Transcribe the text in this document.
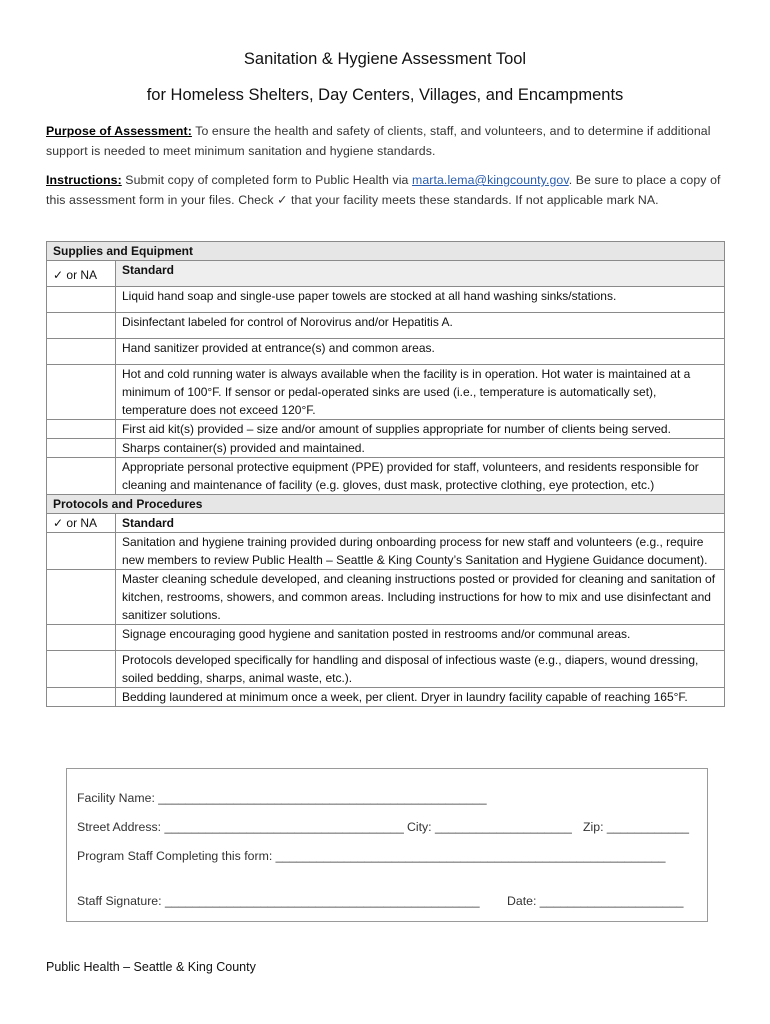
Sanitation & Hygiene Assessment Tool
for Homeless Shelters, Day Centers, Villages, and Encampments
Purpose of Assessment: To ensure the health and safety of clients, staff, and volunteers, and to determine if additional support is needed to meet minimum sanitation and hygiene standards.
Instructions: Submit copy of completed form to Public Health via marta.lema@kingcounty.gov. Be sure to place a copy of this assessment form in your files. Check ✓ that your facility meets these standards. If not applicable mark NA.
Supplies and Equipment	
✓ or NA	Standard
	Liquid hand soap and single-use paper towels are stocked at all hand washing sinks/stations.
	Disinfectant labeled for control of Norovirus and/or Hepatitis A.
	Hand sanitizer provided at entrance(s) and common areas.
	Hot and cold running water is always available when the facility is in operation. Hot water is maintained at a minimum of 100°F. If sensor or pedal-operated sinks are used (i.e., temperature is automatically set), temperature does not exceed 120°F.
	First aid kit(s) provided – size and/or amount of supplies appropriate for number of clients being served.
	Sharps container(s) provided and maintained.
	Appropriate personal protective equipment (PPE) provided for staff, volunteers, and residents responsible for cleaning and maintenance of facility (e.g. gloves, dust mask, protective clothing, eye protection, etc.)
Protocols and Procedures	
✓ or NA	Standard
	Sanitation and hygiene training provided during onboarding process for new staff and volunteers (e.g., require new members to review Public Health – Seattle & King County’s Sanitation and Hygiene Guidance document).
	Master cleaning schedule developed, and cleaning instructions posted or provided for cleaning and sanitation of kitchen, restrooms, showers, and common areas. Including instructions for how to mix and use disinfectant and sanitizer solutions.
	Signage encouraging good hygiene and sanitation posted in restrooms and/or communal areas.
	Protocols developed specifically for handling and disposal of infectious waste (e.g., diapers, wound dressing, soiled bedding, sharps, animal waste, etc.).
	Bedding laundered at minimum once a week, per client. Dryer in laundry facility capable of reaching 165°F.
Facility Name: ________________________________________________
Street Address: ___________________________________ City: ____________________ Zip: ____________
Program Staff Completing this form: _________________________________________________________
Staff Signature: ______________________________________________ Date: _____________________
Public Health – Seattle & King County
